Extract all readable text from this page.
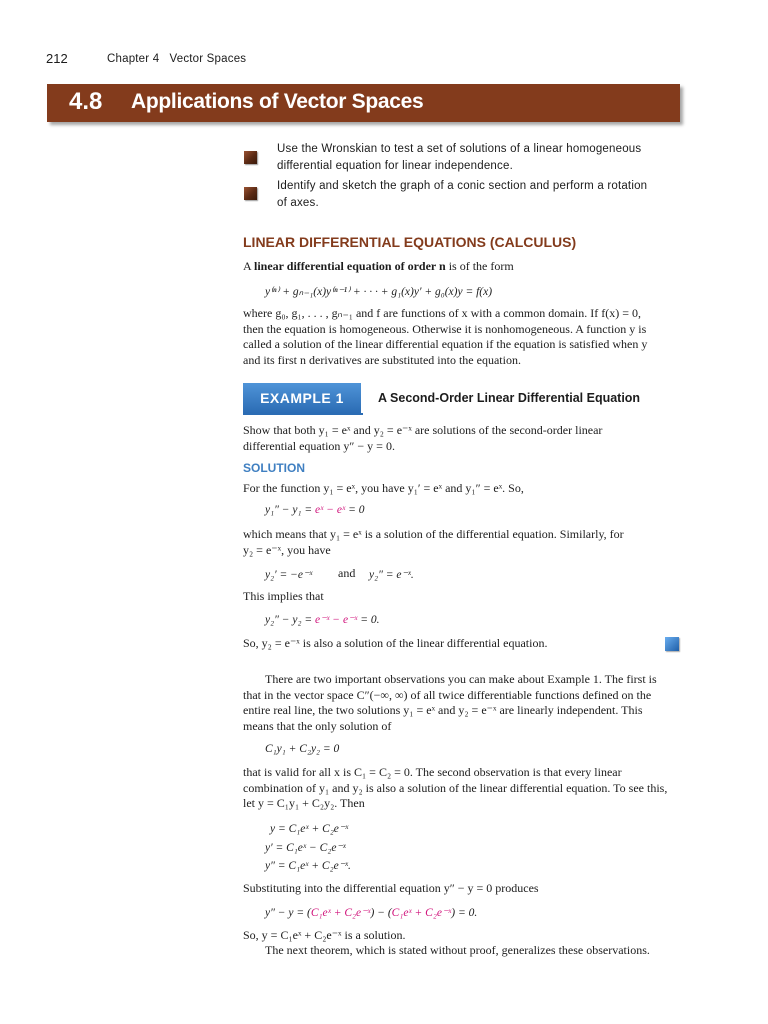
212	Chapter 4   Vector Spaces
4.8 Applications of Vector Spaces
Use the Wronskian to test a set of solutions of a linear homogeneous differential equation for linear independence.
Identify and sketch the graph of a conic section and perform a rotation of axes.
LINEAR DIFFERENTIAL EQUATIONS (CALCULUS)
A linear differential equation of order n is of the form
y⁽ⁿ⁾ + gₙ₋₁(x)y⁽ⁿ⁻¹⁾ + · · · + g₁(x)y′ + g₀(x)y = f(x)
where g₀, g₁, . . . , gₙ₋₁ and f are functions of x with a common domain. If f(x) = 0,
then the equation is homogeneous. Otherwise it is nonhomogeneous. A function y is
called a solution of the linear differential equation if the equation is satisfied when y
and its first n derivatives are substituted into the equation.
EXAMPLE 1	A Second-Order Linear Differential Equation
Show that both y₁ = eˣ and y₂ = e⁻ˣ are solutions of the second-order linear
differential equation y″ − y = 0.
SOLUTION
For the function y₁ = eˣ, you have y₁′ = eˣ and y₁″ = eˣ. So,
y₁″ − y₁ = eˣ − eˣ = 0
which means that y₁ = eˣ is a solution of the differential equation. Similarly, for
y₂ = e⁻ˣ, you have
y₂′ = −e⁻ˣ and y₂″ = e⁻ˣ.
This implies that
y₂″ − y₂ = e⁻ˣ − e⁻ˣ = 0.
So, y₂ = e⁻ˣ is also a solution of the linear differential equation.
There are two important observations you can make about Example 1. The first is
that in the vector space C″(−∞, ∞) of all twice differentiable functions defined on the
entire real line, the two solutions y₁ = eˣ and y₂ = e⁻ˣ are linearly independent. This
means that the only solution of
C₁y₁ + C₂y₂ = 0
that is valid for all x is C₁ = C₂ = 0. The second observation is that every linear
combination of y₁ and y₂ is also a solution of the linear differential equation. To see this,
let y = C₁y₁ + C₂y₂. Then
y = C₁eˣ + C₂e⁻ˣ
y′ = C₁eˣ − C₂e⁻ˣ
y″ = C₁eˣ + C₂e⁻ˣ.
Substituting into the differential equation y″ − y = 0 produces
y″ − y = (C₁eˣ + C₂e⁻ˣ) − (C₁eˣ + C₂e⁻ˣ) = 0.
So, y = C₁eˣ + C₂e⁻ˣ is a solution.
The next theorem, which is stated without proof, generalizes these observations.
